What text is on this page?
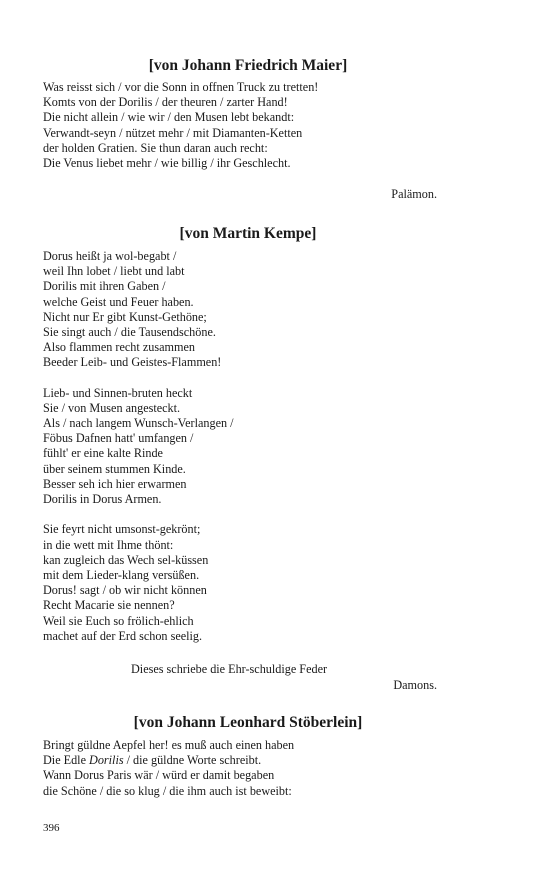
[von Johann Friedrich Maier]
Was reisst sich / vor die Sonn in offnen Truck zu tretten!
Komts von der Dorilis / der theuren / zarter Hand!
Die nicht allein / wie wir / den Musen lebt bekandt:
Verwandt-seyn / nützet mehr / mit Diamanten-Ketten
der holden Gratien. Sie thun daran auch recht:
Die Venus liebet mehr / wie billig / ihr Geschlecht.
Palämon.
[von Martin Kempe]
Dorus heißt ja wol-begabt /
weil Ihn lobet / liebt und labt
Dorilis mit ihren Gaben /
welche Geist und Feuer haben.
Nicht nur Er gibt Kunst-Gethöne;
Sie singt auch / die Tausendschöne.
Also flammen recht zusammen
Beeder Leib- und Geistes-Flammen!
Lieb- und Sinnen-bruten heckt
Sie / von Musen angesteckt.
Als / nach langem Wunsch-Verlangen /
Föbus Dafnen hatt' umfangen /
fühlt' er eine kalte Rinde
über seinem stummen Kinde.
Besser seh ich hier erwarmen
Dorilis in Dorus Armen.
Sie feyrt nicht umsonst-gekrönt;
in die wett mit Ihme thönt:
kan zugleich das Wech sel-küssen
mit dem Lieder-klang versüßen.
Dorus! sagt / ob wir nicht können
Recht Macarie sie nennen?
Weil sie Euch so frölich-ehlich
machet auf der Erd schon seelig.
Dieses schriebe die Ehr-schuldige Feder
Damons.
[von Johann Leonhard Stöberlein]
Bringt güldne Aepfel her! es muß auch einen haben
Die Edle Dorilis / die güldne Worte schreibt.
Wann Dorus Paris wär / würd er damit begaben
die Schöne / die so klug / die ihm auch ist beweibt:
396
